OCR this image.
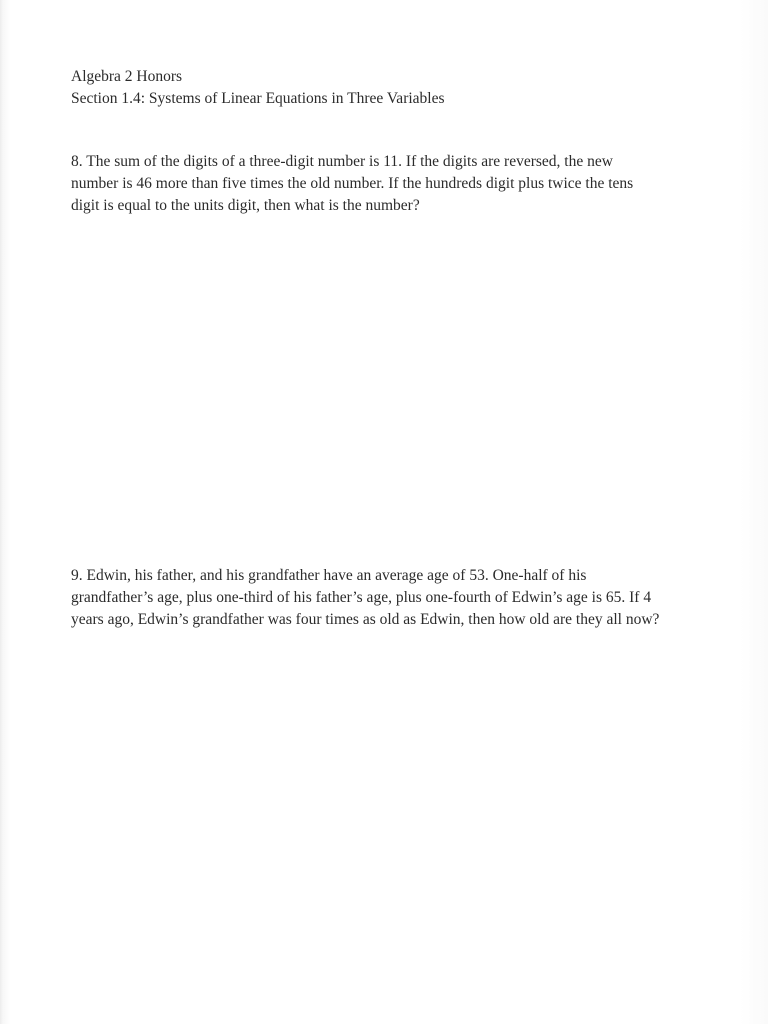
Algebra 2 Honors

Section 1.4: Systems of Linear Equations in Three Variables

8. The sum of the digits of a three-digit number is 11. If the digits are reversed, the new

number is 46 more than five times the old number. If the hundreds digit plus twice the tens

digit is equal to the units digit, then what is the number?

9. Edwin, his father, and his grandfather have an average age of 53. One-half of his

grandfather’s age, plus one-third of his father’s age, plus one-fourth of Edwin’s age is 65. If 4

years ago, Edwin’s grandfather was four times as old as Edwin, then how old are they all now?
